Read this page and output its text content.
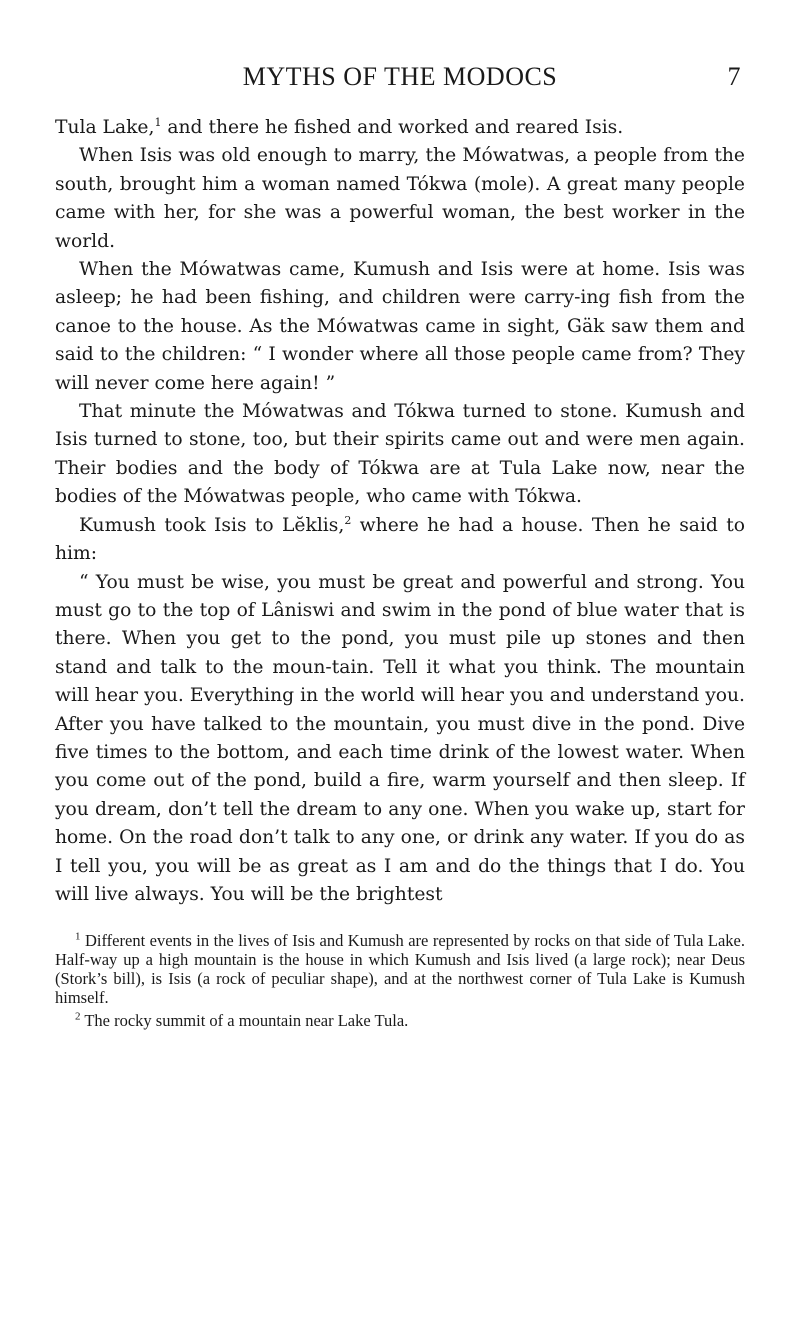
MYTHS OF THE MODOCS	7

Tula Lake,$^1$ and there he fished and worked and reared Isis.

When Isis was old enough to marry, the Mówatwas, a people from the south, brought him a woman named Tókwa (mole). A great many people came with her, for she was a powerful woman, the best worker in the world.

When the Mówatwas came, Kumush and Isis were at home. Isis was asleep; he had been fishing, and children were carry-ing fish from the canoe to the house. As the Mówatwas came in sight, Gäk saw them and said to the children: “ I wonder where all those people came from? They will never come here again! ”

That minute the Mówatwas and Tókwa turned to stone. Kumush and Isis turned to stone, too, but their spirits came out and were men again. Their bodies and the body of Tókwa are at Tula Lake now, near the bodies of the Mówatwas people, who came with Tókwa.

Kumush took Isis to Lĕklis,$^2$ where he had a house. Then he said to him:

“ You must be wise, you must be great and powerful and strong. You must go to the top of Lâniswi and swim in the pond of blue water that is there. When you get to the pond, you must pile up stones and then stand and talk to the moun-tain. Tell it what you think. The mountain will hear you. Everything in the world will hear you and understand you. After you have talked to the mountain, you must dive in the pond. Dive five times to the bottom, and each time drink of the lowest water. When you come out of the pond, build a fire, warm yourself and then sleep. If you dream, don’t tell the dream to any one. When you wake up, start for home. On the road don’t talk to any one, or drink any water. If you do as I tell you, you will be as great as I am and do the things that I do. You will live always. You will be the brightest

$^1$ Different events in the lives of Isis and Kumush are represented by rocks on that side of Tula Lake. Half-way up a high mountain is the house in which Kumush and Isis lived (a large rock); near Deus (Stork’s bill), is Isis (a rock of peculiar shape), and at the northwest corner of Tula Lake is Kumush himself.

$^2$ The rocky summit of a mountain near Lake Tula.
